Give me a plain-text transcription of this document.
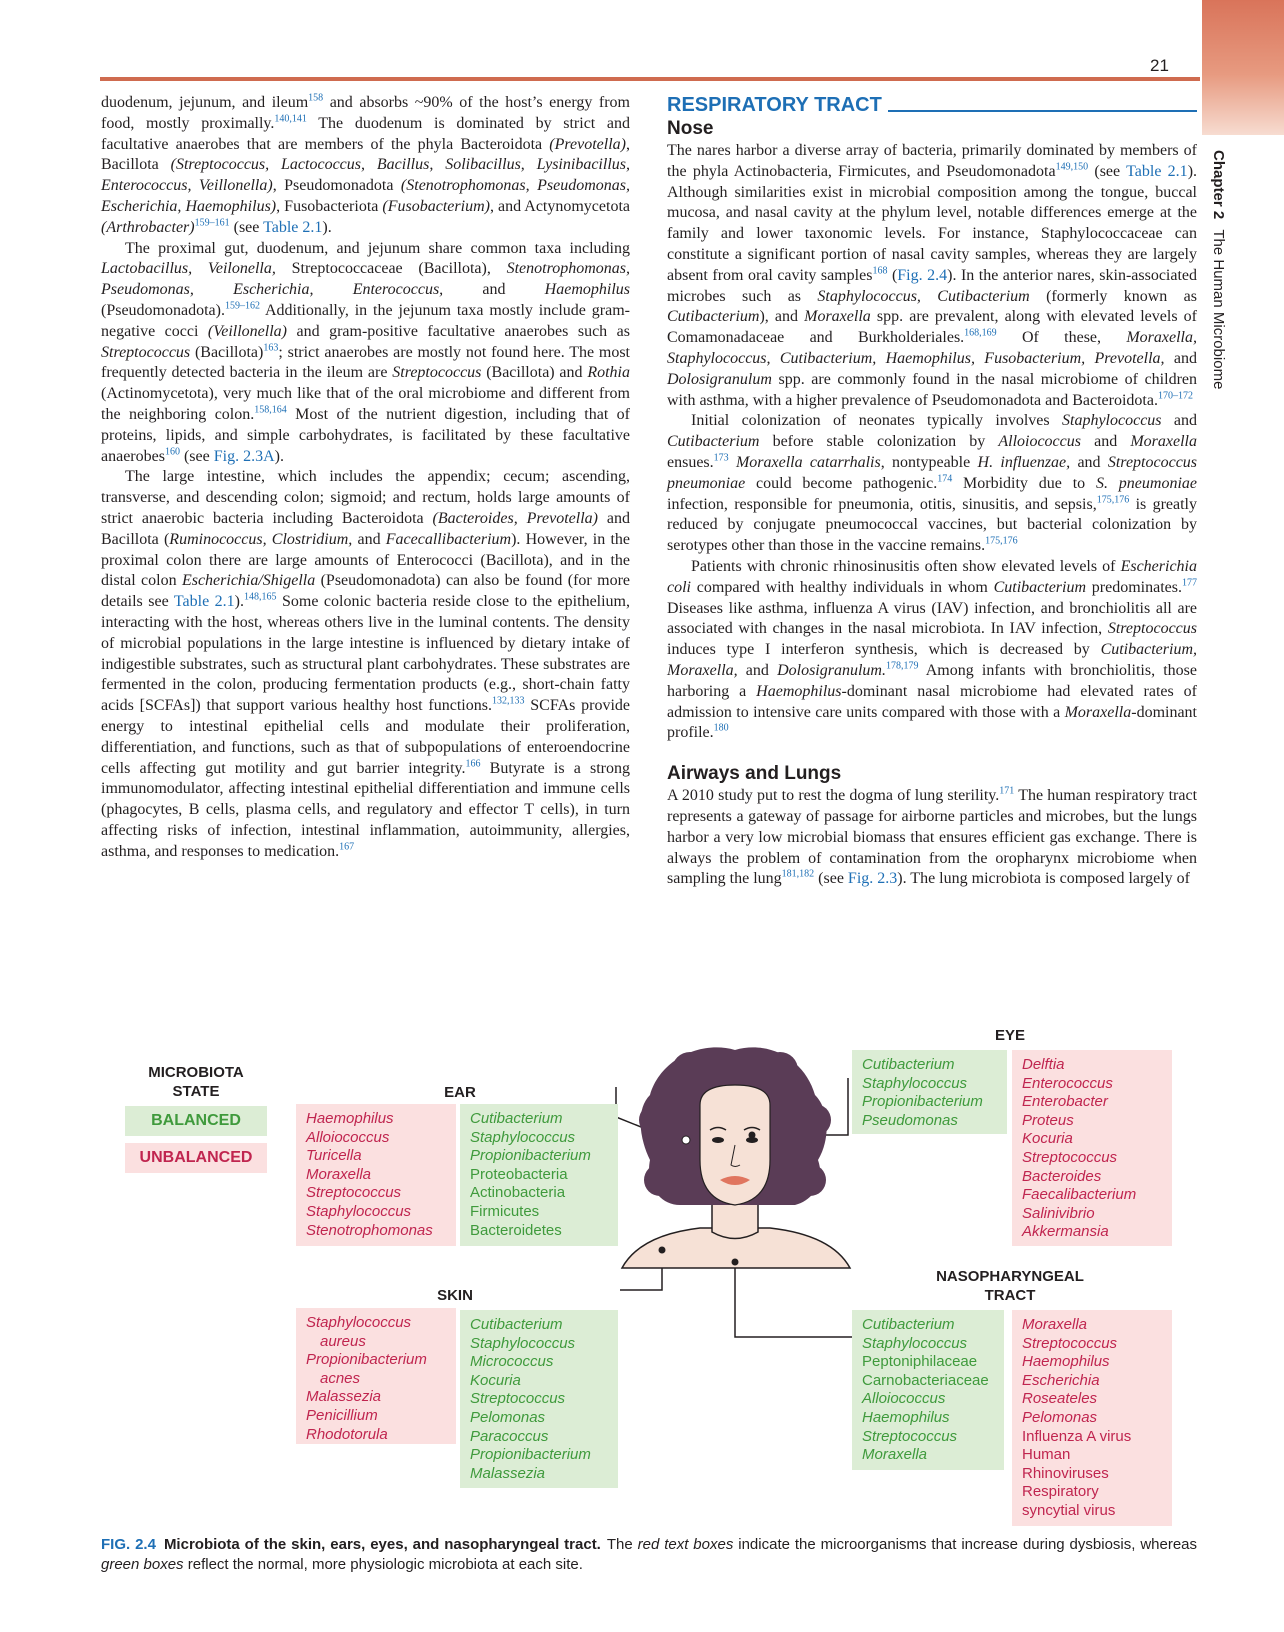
21
Chapter 2 The Human Microbiome

duodenum, jejunum, and ileum$^{158}$ and absorbs ~90% of the host’s energy from food, mostly proximally.$^{140,141}$ The duodenum is dominated by strict and facultative anaerobes that are members of the phyla Bacteroidota (Prevotella), Bacillota (Streptococcus, Lactococcus, Bacillus, Solibacillus, Lysinibacillus, Enterococcus, Veillonella), Pseudomonadota (Stenotrophomonas, Pseudomonas, Escherichia, Haemophilus), Fusobacteriota (Fusobacterium), and Actynomycetota (Arthrobacter)$^{159-161}$ (see Table 2.1).

The proximal gut, duodenum, and jejunum share common taxa including Lactobacillus, Veilonella, Streptococcaceae (Bacillota), Stenotrophomonas, Pseudomonas, Escherichia, Enterococcus, and Haemophilus (Pseudomonadota).$^{159-162}$ Additionally, in the jejunum taxa mostly include gram-negative cocci (Veillonella) and gram-positive facultative anaerobes such as Streptococcus (Bacillota)$^{163}$; strict anaerobes are mostly not found here. The most frequently detected bacteria in the ileum are Streptococcus (Bacillota) and Rothia (Actinomycetota), very much like that of the oral microbiome and different from the neighboring colon.$^{158,164}$ Most of the nutrient digestion, including that of proteins, lipids, and simple carbohydrates, is facilitated by these facultative anaerobes$^{160}$ (see Fig. 2.3A).

The large intestine, which includes the appendix; cecum; ascending, transverse, and descending colon; sigmoid; and rectum, holds large amounts of strict anaerobic bacteria including Bacteroidota (Bacteroides, Prevotella) and Bacillota (Ruminococcus, Clostridium, and Facecallibacterium). However, in the proximal colon there are large amounts of Enterococci (Bacillota), and in the distal colon Escherichia/Shigella (Pseudomonadota) can also be found (for more details see Table 2.1).$^{148,165}$ Some colonic bacteria reside close to the epithelium, interacting with the host, whereas others live in the luminal contents. The density of microbial populations in the large intestine is influenced by dietary intake of indigestible substrates, such as structural plant carbohydrates. These substrates are fermented in the colon, producing fermentation products (e.g., short-chain fatty acids [SCFAs]) that support various healthy host functions.$^{132,133}$ SCFAs provide energy to intestinal epithelial cells and modulate their proliferation, differentiation, and functions, such as that of subpopulations of enteroendocrine cells affecting gut motility and gut barrier integrity.$^{166}$ Butyrate is a strong immunomodulator, affecting intestinal epithelial differentiation and immune cells (phagocytes, B cells, plasma cells, and regulatory and effector T cells), in turn affecting risks of infection, intestinal inflammation, autoimmunity, allergies, asthma, and responses to medication.$^{167}$

RESPIRATORY TRACT
Nose

The nares harbor a diverse array of bacteria, primarily dominated by members of the phyla Actinobacteria, Firmicutes, and Pseudomonadota$^{149,150}$ (see Table 2.1). Although similarities exist in microbial composition among the tongue, buccal mucosa, and nasal cavity at the phylum level, notable differences emerge at the family and lower taxonomic levels. For instance, Staphylococcaceae can constitute a significant portion of nasal cavity samples, whereas they are largely absent from oral cavity samples$^{168}$ (Fig. 2.4). In the anterior nares, skin-associated microbes such as Staphylococcus, Cutibacterium (formerly known as Cutibacterium), and Moraxella spp. are prevalent, along with elevated levels of Comamonadaceae and Burkholderiales.$^{168,169}$ Of these, Moraxella, Staphylococcus, Cutibacterium, Haemophilus, Fusobacterium, Prevotella, and Dolosigranulum spp. are commonly found in the nasal microbiome of children with asthma, with a higher prevalence of Pseudomonadota and Bacteroidota.$^{170-172}$

Initial colonization of neonates typically involves Staphylococcus and Cutibacterium before stable colonization by Alloiococcus and Moraxella ensues.$^{173}$ Moraxella catarrhalis, nontypeable H. influenzae, and Streptococcus pneumoniae could become pathogenic.$^{174}$ Morbidity due to S. pneumoniae infection, responsible for pneumonia, otitis, sinusitis, and sepsis,$^{175,176}$ is greatly reduced by conjugate pneumococcal vaccines, but bacterial colonization by serotypes other than those in the vaccine remains.$^{175,176}$

Patients with chronic rhinosinusitis often show elevated levels of Escherichia coli compared with healthy individuals in whom Cutibacterium predominates.$^{177}$ Diseases like asthma, influenza A virus (IAV) infection, and bronchiolitis all are associated with changes in the nasal microbiota. In IAV infection, Streptococcus induces type I interferon synthesis, which is decreased by Cutibacterium, Moraxella, and Dolosigranulum.$^{178,179}$ Among infants with bronchiolitis, those harboring a Haemophilus-dominant nasal microbiome had elevated rates of admission to intensive care units compared with those with a Moraxella-dominant profile.$^{180}$

Airways and Lungs

A 2010 study put to rest the dogma of lung sterility.$^{171}$ The human respiratory tract represents a gateway of passage for airborne particles and microbes, but the lungs harbor a very low microbial biomass that ensures efficient gas exchange. There is always the problem of contamination from the oropharynx microbiome when sampling the lung$^{181,182}$ (see Fig. 2.3). The lung microbiota is composed largely of

MICROBIOTA
STATE
BALANCED
UNBALANCED
EAR
Haemophilus
Alloiococcus
Turicella
Moraxella
Streptococcus
Staphylococcus
Stenotrophomonas
Cutibacterium
Staphylococcus
Propionibacterium
Proteobacteria
Actinobacteria
Firmicutes
Bacteroidetes
EYE
Cutibacterium
Staphylococcus
Propionibacterium
Pseudomonas
Delftia
Enterococcus
Enterobacter
Proteus
Kocuria
Streptococcus
Bacteroides
Faecalibacterium
Salinivibrio
Akkermansia
SKIN
Staphylococcus
aureus
Propionibacterium
acnes
Malassezia
Penicillium
Rhodotorula
Cutibacterium
Staphylococcus
Micrococcus
Kocuria
Streptococcus
Pelomonas
Paracoccus
Propionibacterium
Malassezia
NASOPHARYNGEAL
TRACT
Cutibacterium
Staphylococcus
Peptoniphilaceae
Carnobacteriaceae
Alloiococcus
Haemophilus
Streptococcus
Moraxella
Moraxella
Streptococcus
Haemophilus
Escherichia
Roseateles
Pelomonas
Influenza A virus
Human
Rhinoviruses
Respiratory
syncytial virus
FIG. 2.4 Microbiota of the skin, ears, eyes, and nasopharyngeal tract. The red text boxes indicate the microorganisms that increase during dysbiosis, whereas green boxes reflect the normal, more physiologic microbiota at each site.
